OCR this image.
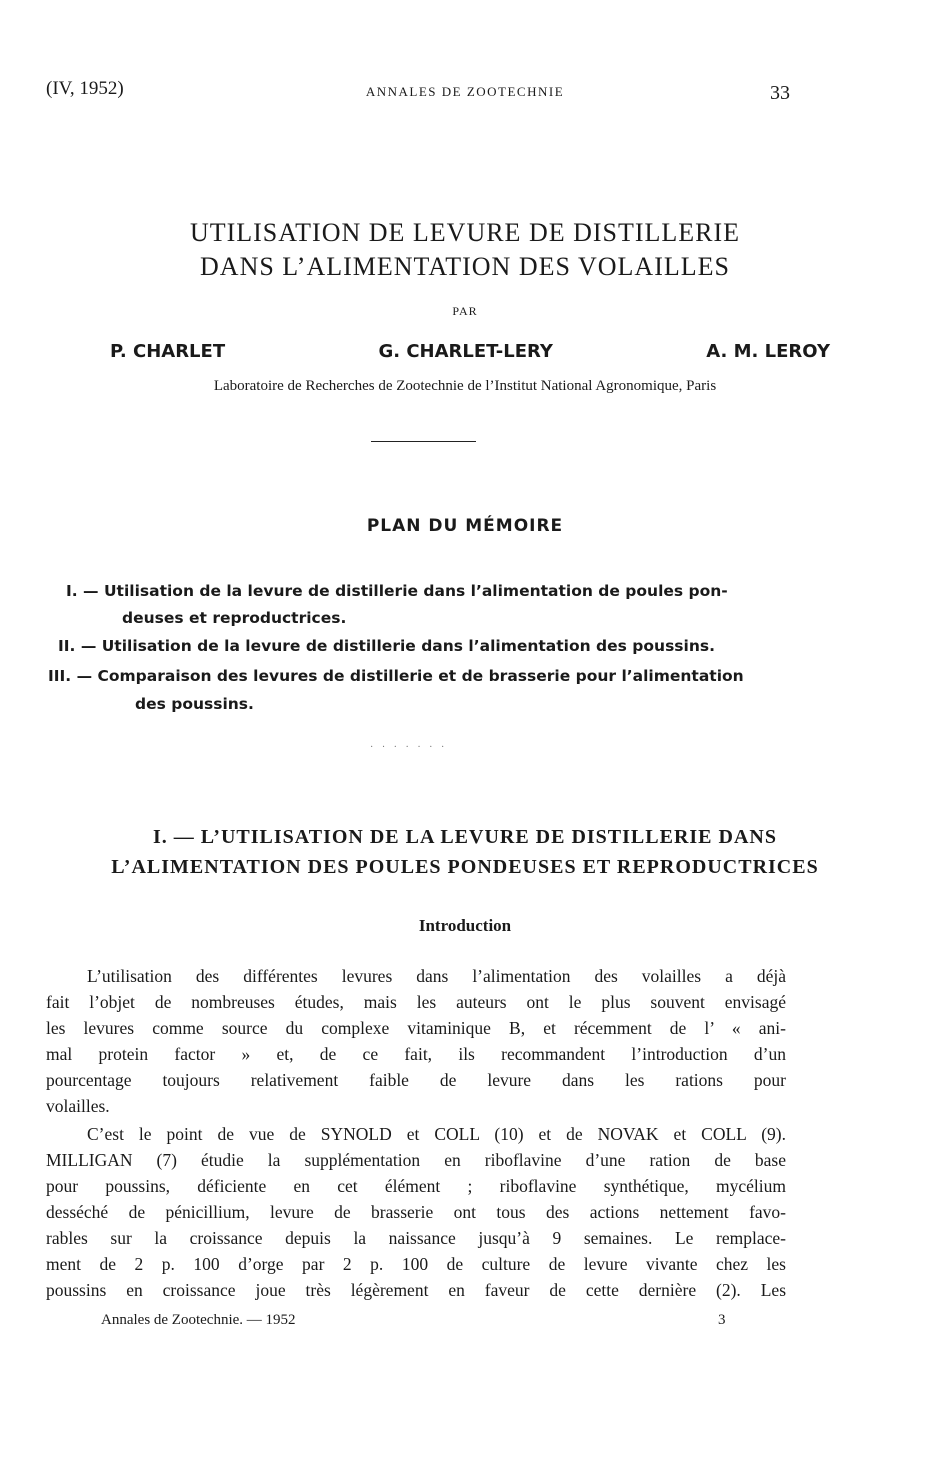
(IV, 1952)	ANNALES DE ZOOTECHNIE	33
UTILISATION DE LEVURE DE DISTILLERIE
DANS L’ALIMENTATION DES VOLAILLES
PAR
P. CHARLET	G. CHARLET-LERY	A. M. LEROY
Laboratoire de Recherches de Zootechnie de l’Institut National Agronomique, Paris
PLAN DU MÉMOIRE
I. — Utilisation de la levure de distillerie dans l’alimentation de poules pon-
deuses et reproductrices.
II. — Utilisation de la levure de distillerie dans l’alimentation des poussins.
III. — Comparaison des levures de distillerie et de brasserie pour l’alimentation
des poussins.
· · · · · · ·
I. — L’UTILISATION DE LA LEVURE DE DISTILLERIE DANS
L’ALIMENTATION DES POULES PONDEUSES ET REPRODUCTRICES
Introduction
L’utilisation des différentes levures dans l’alimentation des volailles a déjà
fait l’objet de nombreuses études, mais les auteurs ont le plus souvent envisagé
les levures comme source du complexe vitaminique B, et récemment de l’ « ani-
mal protein factor » et, de ce fait, ils recommandent l’introduction d’un
pourcentage toujours relativement faible de levure dans les rations pour
volailles.
C’est le point de vue de SYNOLD et COLL (10) et de NOVAK et COLL (9).
MILLIGAN (7) étudie la supplémentation en riboflavine d’une ration de base
pour poussins, déficiente en cet élément ; riboflavine synthétique, mycélium
desséché de pénicillium, levure de brasserie ont tous des actions nettement favo-
rables sur la croissance depuis la naissance jusqu’à 9 semaines. Le remplace-
ment de 2 p. 100 d’orge par 2 p. 100 de culture de levure vivante chez les
poussins en croissance joue très légèrement en faveur de cette dernière (2). Les
Annales de Zootechnie. — 1952	3
